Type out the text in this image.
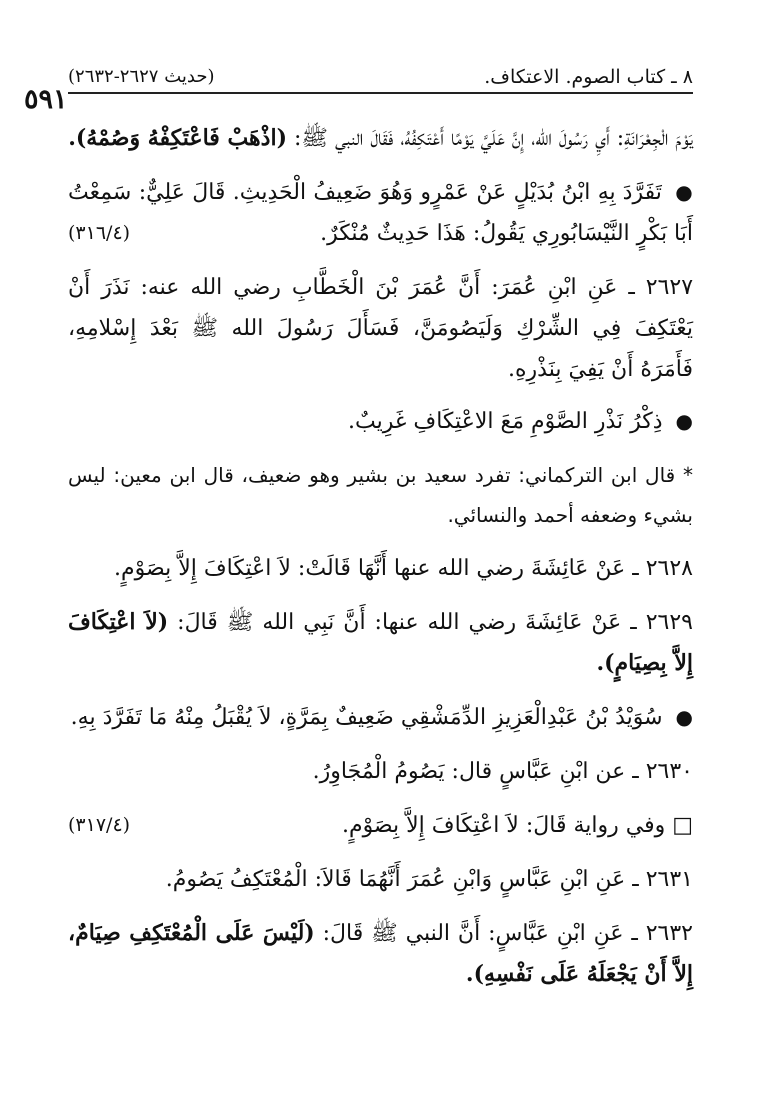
٨ ـ كتاب الصوم. الاعتكاف.
(حديث ٢٦٢٧-٢٦٣٢)
٥٩١

يَوْمَ الْجِعْرَانَةِ: أَيِ رَسُولَ الله، إِنَّ عَلَيَّ يَوْمًا أَعْتَكِفُهُ، فَقَالَ النبي ﷺ: (اذْهَبْ فَاعْتَكِفْهُ وَصُمْهُ).

● تَفَرَّدَ بِهِ ابْنُ بُدَيْلٍ عَنْ عَمْرٍو وَهُوَ ضَعِيفُ الْحَدِيثِ. قَالَ عَلِيٌّ: سَمِعْتُ أَبَا بَكْرٍ النَّيْسَابُورِي يَقُولُ: هَذَا حَدِيثٌ مُنْكَرٌ.
(٣١٦/٤)

٢٦٢٧ ـ عَنِ ابْنِ عُمَرَ: أَنَّ عُمَرَ بْنَ الْخَطَّابِ رضي الله عنه: نَذَرَ أَنْ يَعْتَكِفَ فِي الشِّرْكِ وَلَيَصُومَنَّ، فَسَأَلَ رَسُولَ الله ﷺ بَعْدَ إِسْلامِهِ، فَأَمَرَهُ أَنْ يَفِيَ بِنَذْرِهِ.

● ذِكْرُ نَذْرِ الصَّوْمِ مَعَ الاعْتِكَافِ غَرِيبٌ.

* قال ابن التركماني: تفرد سعيد بن بشير وهو ضعيف، قال ابن معين: ليس بشيء وضعفه أحمد والنسائي.

٢٦٢٨ ـ عَنْ عَائِشَةَ رضي الله عنها أَنَّهَا قَالَتْ: لاَ اعْتِكَافَ إِلاَّ بِصَوْمٍ.

٢٦٢٩ ـ عَنْ عَائِشَةَ رضي الله عنها: أَنَّ نَبِي الله ﷺ قَالَ: (لاَ اعْتِكَافَ إِلاَّ بِصِيَامٍ).

● سُوَيْدُ بْنُ عَبْدِالْعَزِيزِ الدِّمَشْقِي ضَعِيفٌ بِمَرَّةٍ، لاَ يُقْبَلُ مِنْهُ مَا تَفَرَّدَ بِهِ.

٢٦٣٠ ـ عن ابْنِ عَبَّاسٍ قال: يَصُومُ الْمُجَاوِرُ.

□ وفي رواية قَالَ: لاَ اعْتِكَافَ إِلاَّ بِصَوْمٍ.
(٣١٧/٤)

٢٦٣١ ـ عَنِ ابْنِ عَبَّاسٍ وَابْنِ عُمَرَ أَنَّهُمَا قَالاَ: الْمُعْتَكِفُ يَصُومُ.

٢٦٣٢ ـ عَنِ ابْنِ عَبَّاسٍ: أَنَّ النبي ﷺ قَالَ: (لَيْسَ عَلَى الْمُعْتَكِفِ صِيَامٌ، إِلاَّ أَنْ يَجْعَلَهُ عَلَى نَفْسِهِ).
